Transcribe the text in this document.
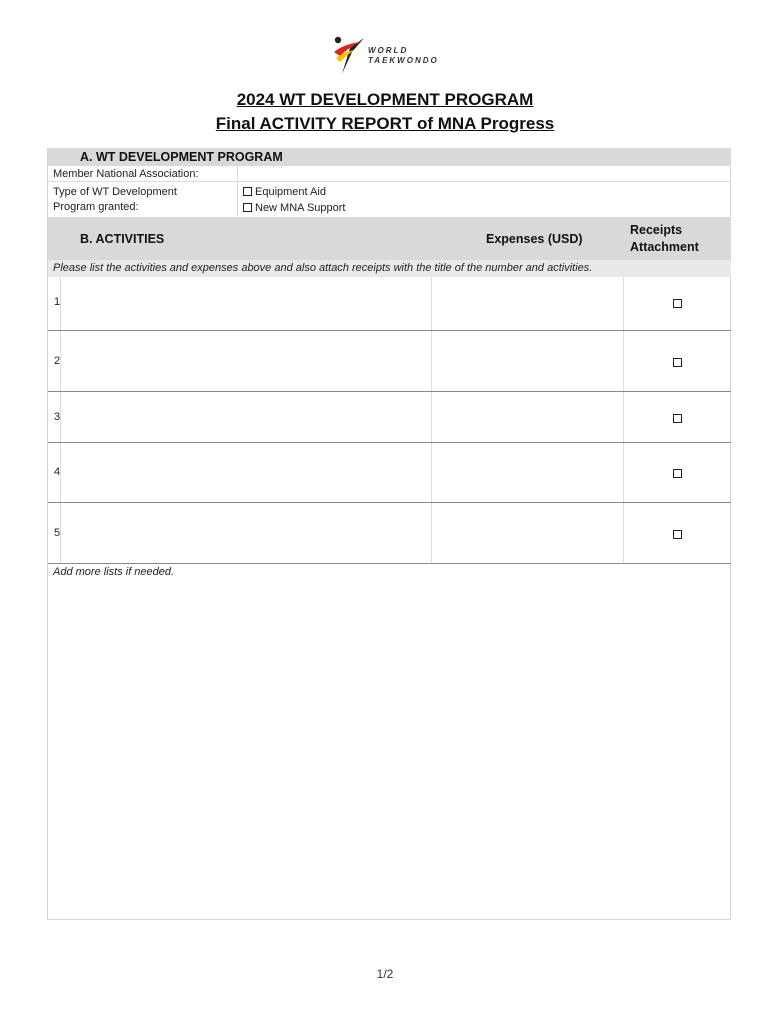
WORLD
TAEKWONDO
2024 WT DEVELOPMENT PROGRAM
Final ACTIVITY REPORT of MNA Progress
A. WT DEVELOPMENT PROGRAM
Member National Association:
Type of WT Development
Program granted:
Equipment Aid
New MNA Support
B. ACTIVITIES	Expenses (USD)
Receipts
Attachment
Please list the activities and expenses above and also attach receipts with the title of the number and activities.
1
2
3
4
5
Add more lists if needed.
1/2
